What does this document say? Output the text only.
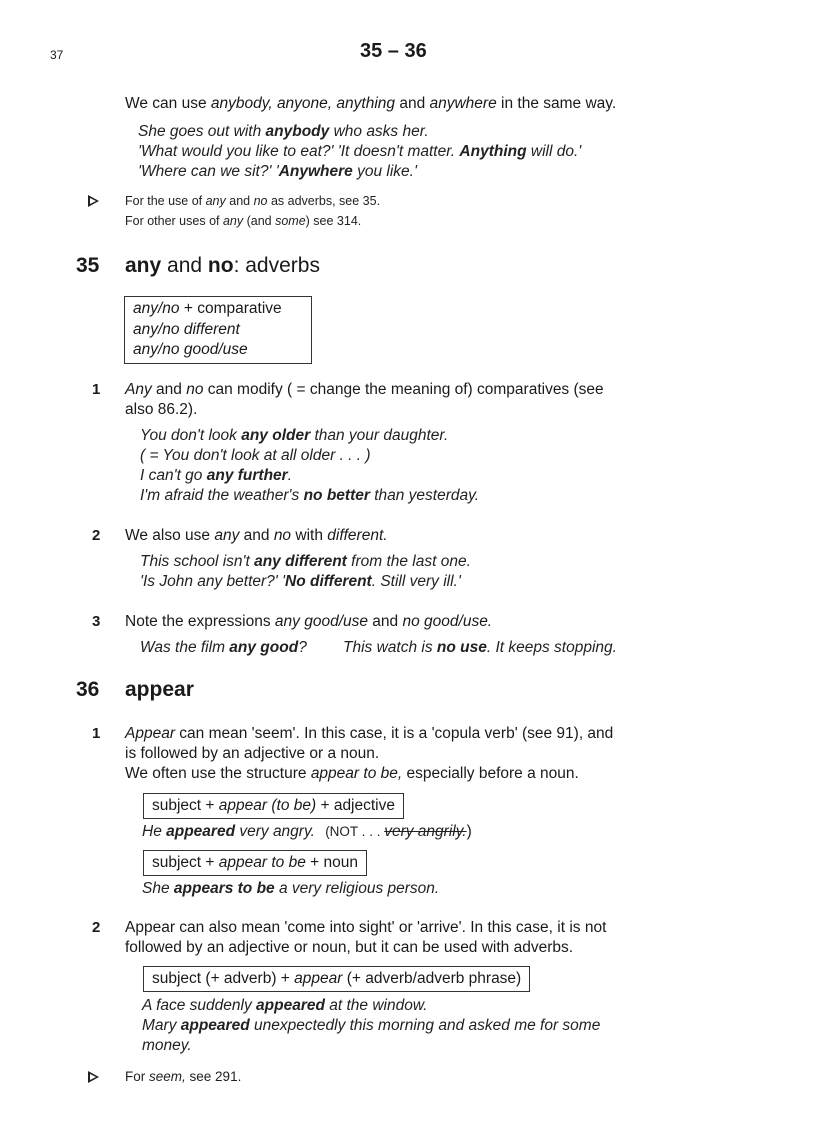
37	35 – 36
We can use anybody, anyone, anything and anywhere in the same way.
She goes out with anybody who asks her.
'What would you like to eat?' 'It doesn't matter. Anything will do.'
'Where can we sit?' 'Anywhere you like.'
For the use of any and no as adverbs, see 35.
For other uses of any (and some) see 314.
35 any and no: adverbs
any/no + comparative
any/no different
any/no good/use
1 Any and no can modify ( = change the meaning of) comparatives (see
also 86.2).
You don't look any older than your daughter.
( = You don't look at all older . . . )
I can't go any further.
I'm afraid the weather's no better than yesterday.
2 We also use any and no with different.
This school isn't any different from the last one.
'Is John any better?' 'No different. Still very ill.'
3 Note the expressions any good/use and no good/use.
Was the film any good? This watch is no use. It keeps stopping.
36 appear
1 Appear can mean 'seem'. In this case, it is a 'copula verb' (see 91), and
is followed by an adjective or a noun.
We often use the structure appear to be, especially before a noun.
subject + appear (to be) + adjective
He appeared very angry. (NOT . . . very angrily.)
subject + appear to be + noun
She appears to be a very religious person.
2 Appear can also mean 'come into sight' or 'arrive'. In this case, it is not
followed by an adjective or noun, but it can be used with adverbs.
subject (+ adverb) + appear (+ adverb/adverb phrase)
A face suddenly appeared at the window.
Mary appeared unexpectedly this morning and asked me for some
money.
For seem, see 291.
